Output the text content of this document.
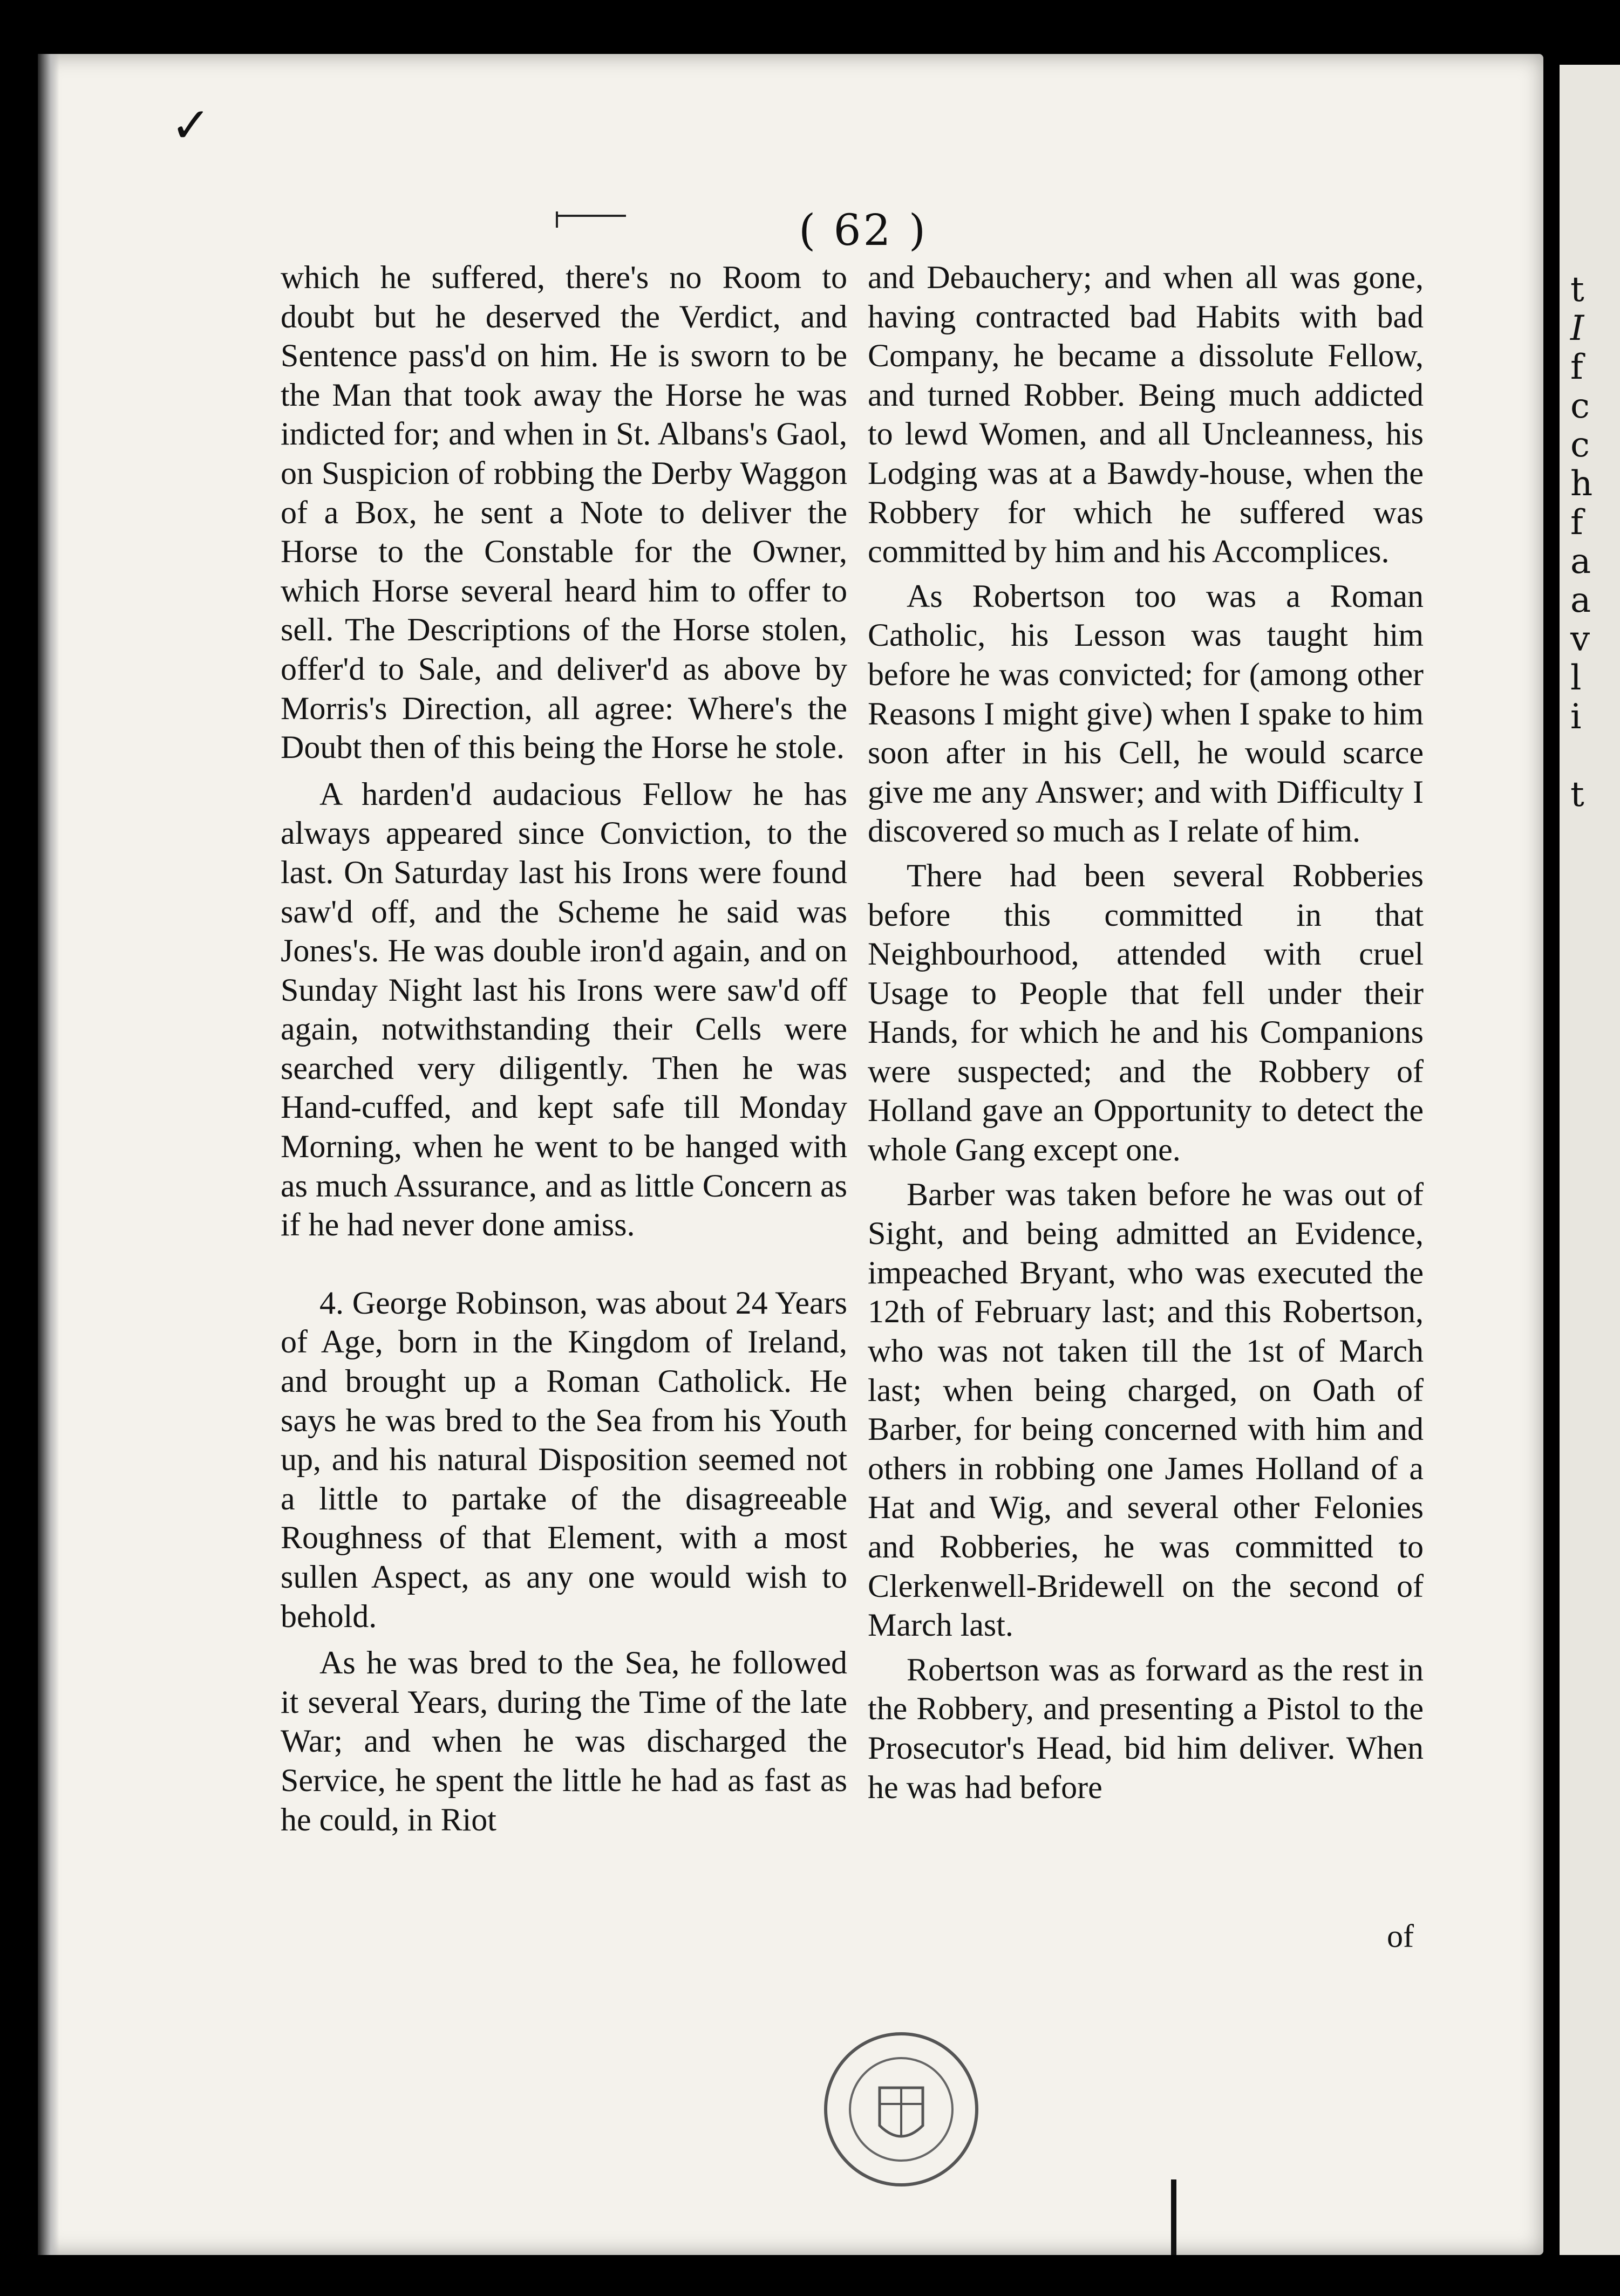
t
I
f
c
c
h
f
a
a
v
l
i
t
✓
( 62 )

which he suffered, there's no Room to doubt but he deserved the Verdict, and Sentence pass'd on him. He is sworn to be the Man that took away the Horse he was indicted for; and when in St. Albans's Gaol, on Suspicion of robbing the Derby Waggon of a Box, he sent a Note to deliver the Horse to the Constable for the Owner, which Horse several heard him to offer to sell. The Descriptions of the Horse stolen, offer'd to Sale, and deliver'd as above by Morris's Direction, all agree: Where's the Doubt then of this being the Horse he stole.

A harden'd audacious Fellow he has always appeared since Conviction, to the last. On Saturday last his Irons were found saw'd off, and the Scheme he said was Jones's. He was double iron'd again, and on Sunday Night last his Irons were saw'd off again, notwithstanding their Cells were searched very diligently. Then he was Hand-cuffed, and kept safe till Monday Morning, when he went to be hanged with as much Assurance, and as little Concern as if he had never done amiss.

4. George Robinson, was about 24 Years of Age, born in the Kingdom of Ireland, and brought up a Roman Catholick. He says he was bred to the Sea from his Youth up, and his natural Disposition seemed not a little to partake of the disagreeable Roughness of that Element, with a most sullen Aspect, as any one would wish to behold.

As he was bred to the Sea, he followed it several Years, during the Time of the late War; and when he was discharged the Service, he spent the little he had as fast as he could, in Riot

and Debauchery; and when all was gone, having contracted bad Habits with bad Company, he became a dissolute Fellow, and turned Robber. Being much addicted to lewd Women, and all Uncleanness, his Lodging was at a Bawdy-house, when the Robbery for which he suffered was committed by him and his Accomplices.

As Robertson too was a Roman Catholic, his Lesson was taught him before he was convicted; for (among other Reasons I might give) when I spake to him soon after in his Cell, he would scarce give me any Answer; and with Difficulty I discovered so much as I relate of him.

There had been several Robberies before this committed in that Neighbourhood, attended with cruel Usage to People that fell under their Hands, for which he and his Companions were suspected; and the Robbery of Holland gave an Opportunity to detect the whole Gang except one.

Barber was taken before he was out of Sight, and being admitted an Evidence, impeached Bryant, who was executed the 12th of February last; and this Robertson, who was not taken till the 1st of March last; when being charged, on Oath of Barber, for being concerned with him and others in robbing one James Holland of a Hat and Wig, and several other Felonies and Robberies, he was committed to Clerkenwell-Bridewell on the second of March last.

Robertson was as forward as the rest in the Robbery, and presenting a Pistol to the Prosecutor's Head, bid him deliver. When he was had before

of
